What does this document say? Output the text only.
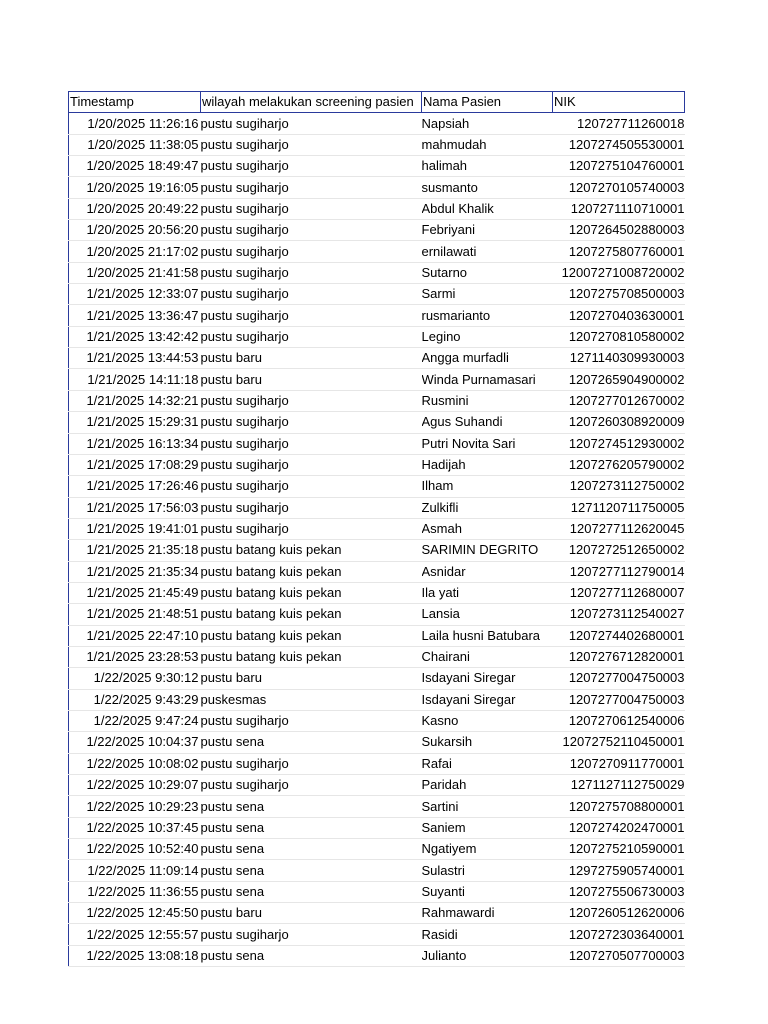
Timestamp	wilayah melakukan screening pasien	Nama Pasien	NIK
1/20/2025 11:26:16	pustu sugiharjo	Napsiah	120727711260018
1/20/2025 11:38:05	pustu sugiharjo	mahmudah	1207274505530001
1/20/2025 18:49:47	pustu sugiharjo	halimah	1207275104760001
1/20/2025 19:16:05	pustu sugiharjo	susmanto	1207270105740003
1/20/2025 20:49:22	pustu sugiharjo	Abdul Khalik	1207271110710001
1/20/2025 20:56:20	pustu sugiharjo	Febriyani	1207264502880003
1/20/2025 21:17:02	pustu sugiharjo	ernilawati	1207275807760001
1/20/2025 21:41:58	pustu sugiharjo	Sutarno	12007271008720002
1/21/2025 12:33:07	pustu sugiharjo	Sarmi	1207275708500003
1/21/2025 13:36:47	pustu sugiharjo	rusmarianto	1207270403630001
1/21/2025 13:42:42	pustu sugiharjo	Legino	1207270810580002
1/21/2025 13:44:53	pustu baru	Angga murfadli	1271140309930003
1/21/2025 14:11:18	pustu baru	Winda Purnamasari	1207265904900002
1/21/2025 14:32:21	pustu sugiharjo	Rusmini	1207277012670002
1/21/2025 15:29:31	pustu sugiharjo	Agus Suhandi	1207260308920009
1/21/2025 16:13:34	pustu sugiharjo	Putri Novita Sari	1207274512930002
1/21/2025 17:08:29	pustu sugiharjo	Hadijah	1207276205790002
1/21/2025 17:26:46	pustu sugiharjo	Ilham	1207273112750002
1/21/2025 17:56:03	pustu sugiharjo	Zulkifli	1271120711750005
1/21/2025 19:41:01	pustu sugiharjo	Asmah	1207277112620045
1/21/2025 21:35:18	pustu batang kuis pekan	SARIMIN DEGRITO	1207272512650002
1/21/2025 21:35:34	pustu batang kuis pekan	Asnidar	1207277112790014
1/21/2025 21:45:49	pustu batang kuis pekan	Ila yati	1207277112680007
1/21/2025 21:48:51	pustu batang kuis pekan	Lansia	1207273112540027
1/21/2025 22:47:10	pustu batang kuis pekan	Laila husni Batubara	1207274402680001
1/21/2025 23:28:53	pustu batang kuis pekan	Chairani	1207276712820001
1/22/2025 9:30:12	pustu baru	Isdayani Siregar	1207277004750003
1/22/2025 9:43:29	puskesmas	Isdayani Siregar	1207277004750003
1/22/2025 9:47:24	pustu sugiharjo	Kasno	1207270612540006
1/22/2025 10:04:37	pustu sena	Sukarsih	12072752110450001
1/22/2025 10:08:02	pustu sugiharjo	Rafai	1207270911770001
1/22/2025 10:29:07	pustu sugiharjo	Paridah	1271127112750029
1/22/2025 10:29:23	pustu sena	Sartini	1207275708800001
1/22/2025 10:37:45	pustu sena	Saniem	1207274202470001
1/22/2025 10:52:40	pustu sena	Ngatiyem	1207275210590001
1/22/2025 11:09:14	pustu sena	Sulastri	1297275905740001
1/22/2025 11:36:55	pustu sena	Suyanti	1207275506730003
1/22/2025 12:45:50	pustu baru	Rahmawardi	1207260512620006
1/22/2025 12:55:57	pustu sugiharjo	Rasidi	1207272303640001
1/22/2025 13:08:18	pustu sena	Julianto	1207270507700003
